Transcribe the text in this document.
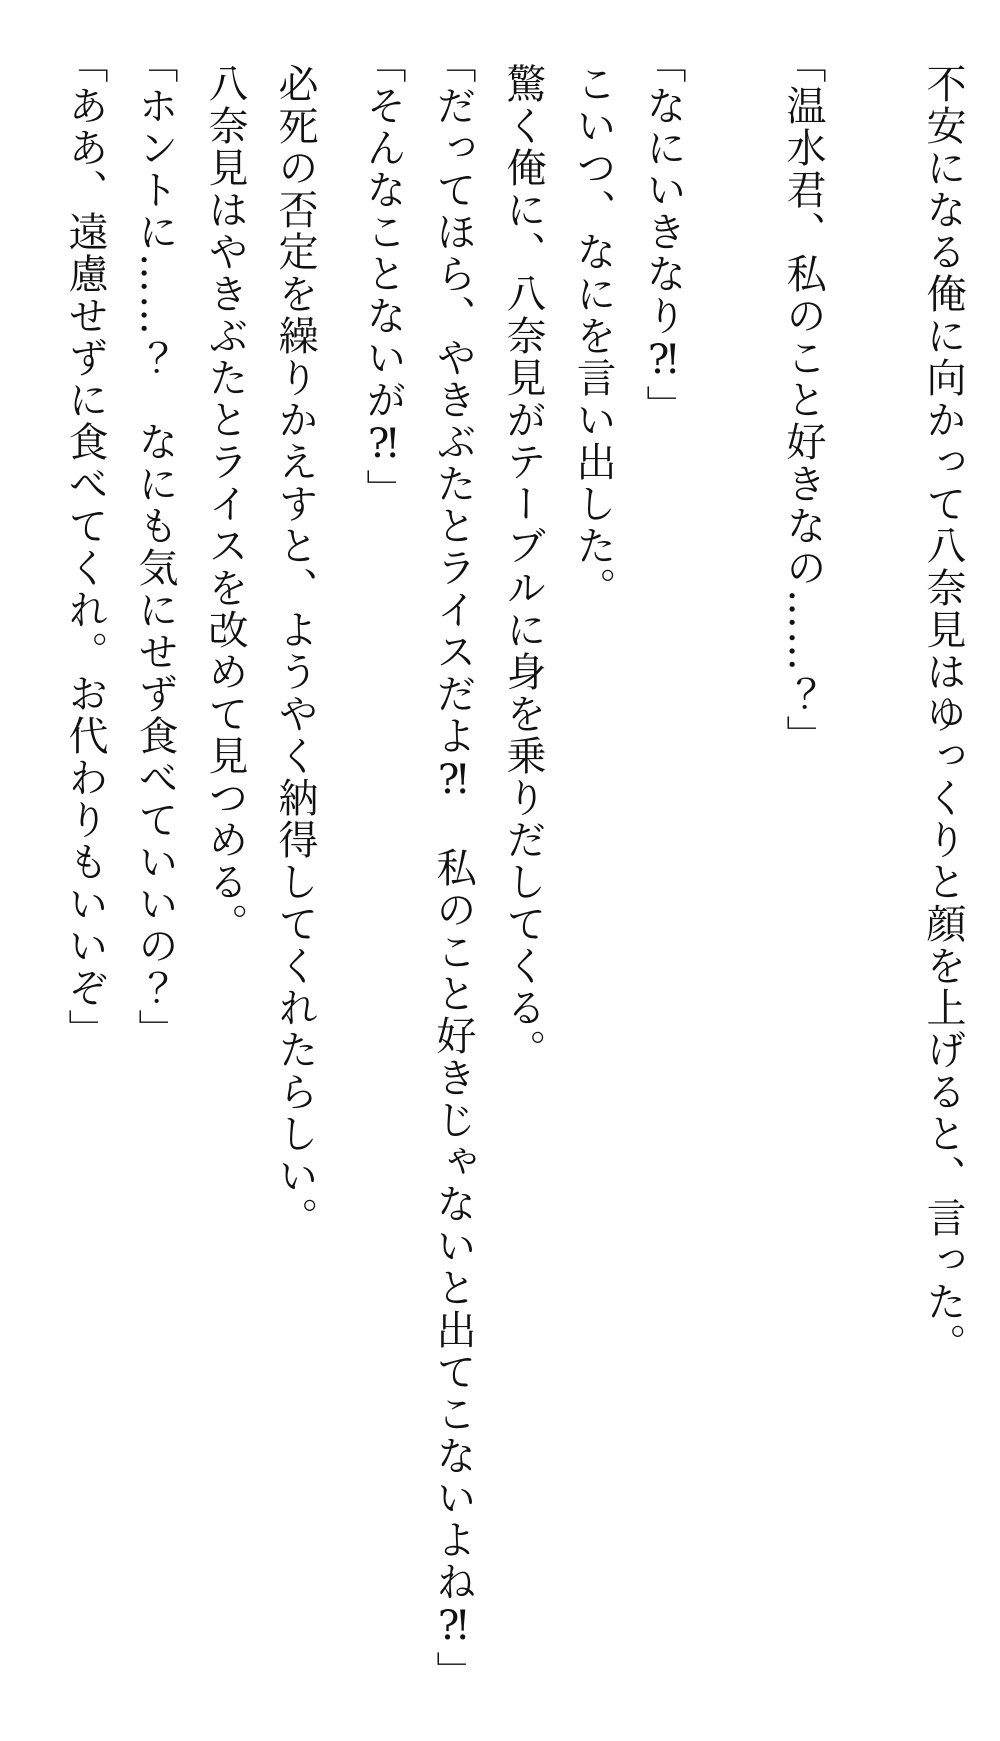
不安になる俺に向かって八奈見はゆっくりと顔を上げると、言った。

「温水君、私のこと好きなの……？」

「なにいきなり⁈」

こいつ、なにを言い出した。

驚く俺に、八奈見がテーブルに身を乗りだしてくる。

「だってほら、やきぶたとライスだよ⁈　私のこと好きじゃないと出てこないよね⁈」

「そんなことないが⁈」

必死の否定を繰りかえすと、ようやく納得してくれたらしい。

八奈見はやきぶたとライスを改めて見つめる。

「ホントに……？　なにも気にせず食べていいの？」

「ああ、遠慮せずに食べてくれ。お代わりもいいぞ」
